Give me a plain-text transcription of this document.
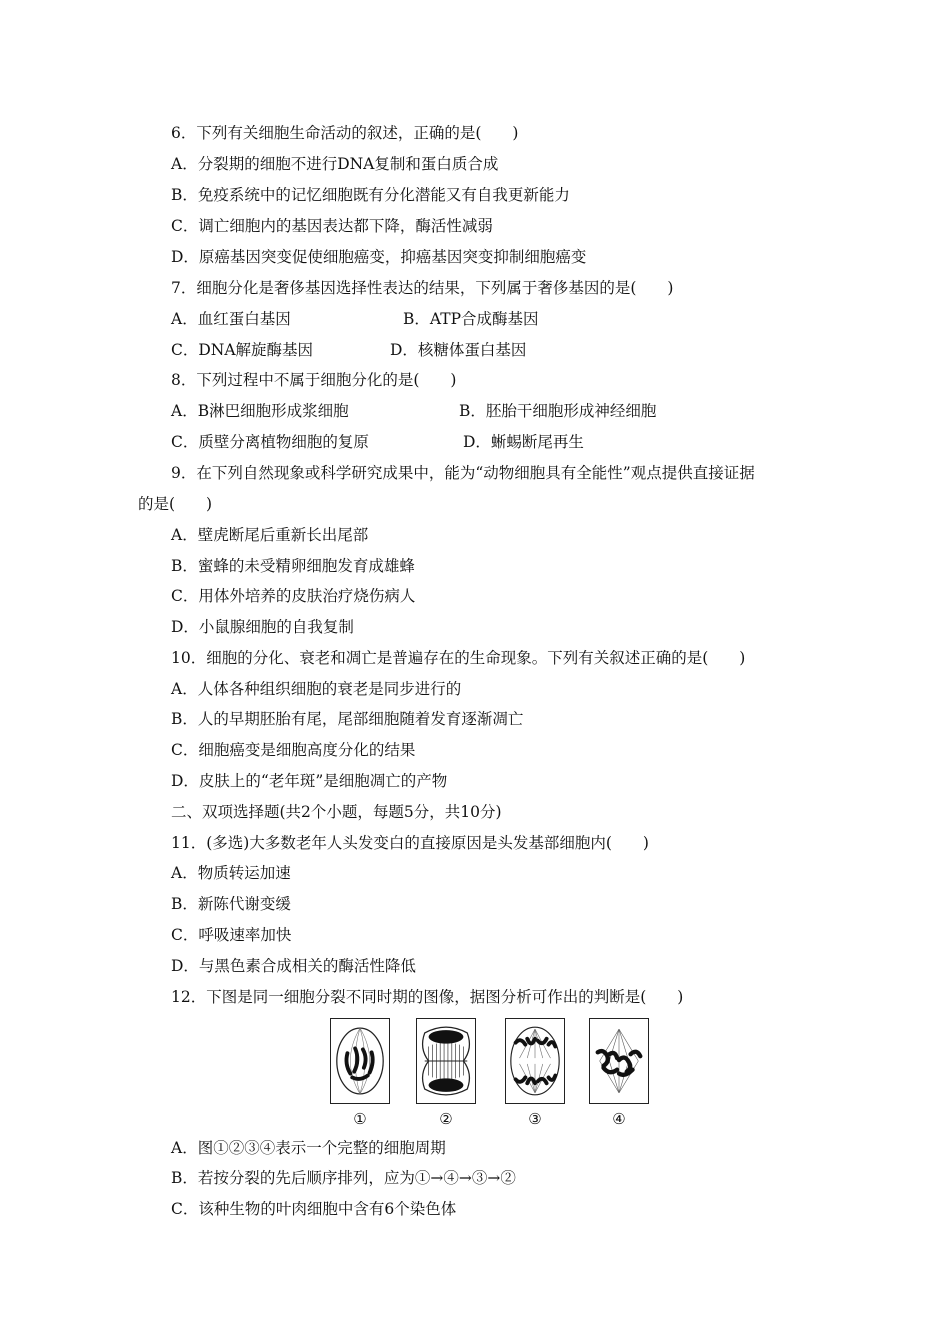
6．下列有关细胞生命活动的叙述，正确的是(　　)
A．分裂期的细胞不进行DNA复制和蛋白质合成
B．免疫系统中的记忆细胞既有分化潜能又有自我更新能力
C．调亡细胞内的基因表达都下降，酶活性减弱
D．原癌基因突变促使细胞癌变，抑癌基因突变抑制细胞癌变
7．细胞分化是奢侈基因选择性表达的结果，下列属于奢侈基因的是(　　)
A．血红蛋白基因	B．ATP合成酶基因
C．DNA解旋酶基因	D．核糖体蛋白基因
8．下列过程中不属于细胞分化的是(　　)
A．B淋巴细胞形成浆细胞	B．胚胎干细胞形成神经细胞
C．质壁分离植物细胞的复原	D．蜥蜴断尾再生
9．在下列自然现象或科学研究成果中，能为“动物细胞具有全能性”观点提供直接证据
的是(　　)
A．壁虎断尾后重新长出尾部
B．蜜蜂的未受精卵细胞发育成雄蜂
C．用体外培养的皮肤治疗烧伤病人
D．小鼠腺细胞的自我复制
10．细胞的分化、衰老和凋亡是普遍存在的生命现象。下列有关叙述正确的是(　　)
A．人体各种组织细胞的衰老是同步进行的
B．人的早期胚胎有尾，尾部细胞随着发育逐渐凋亡
C．细胞癌变是细胞高度分化的结果
D．皮肤上的“老年斑”是细胞凋亡的产物
二、双项选择题(共2个小题，每题5分，共10分)
11．(多选)大多数老年人头发变白的直接原因是头发基部细胞内(　　)
A．物质转运加速
B．新陈代谢变缓
C．呼吸速率加快
D．与黑色素合成相关的酶活性降低
12．下图是同一细胞分裂不同时期的图像，据图分析可作出的判断是(　　)
①	②	③	④
A．图①②③④表示一个完整的细胞周期
B．若按分裂的先后顺序排列，应为①→④→③→②
C．该种生物的叶肉细胞中含有6个染色体
